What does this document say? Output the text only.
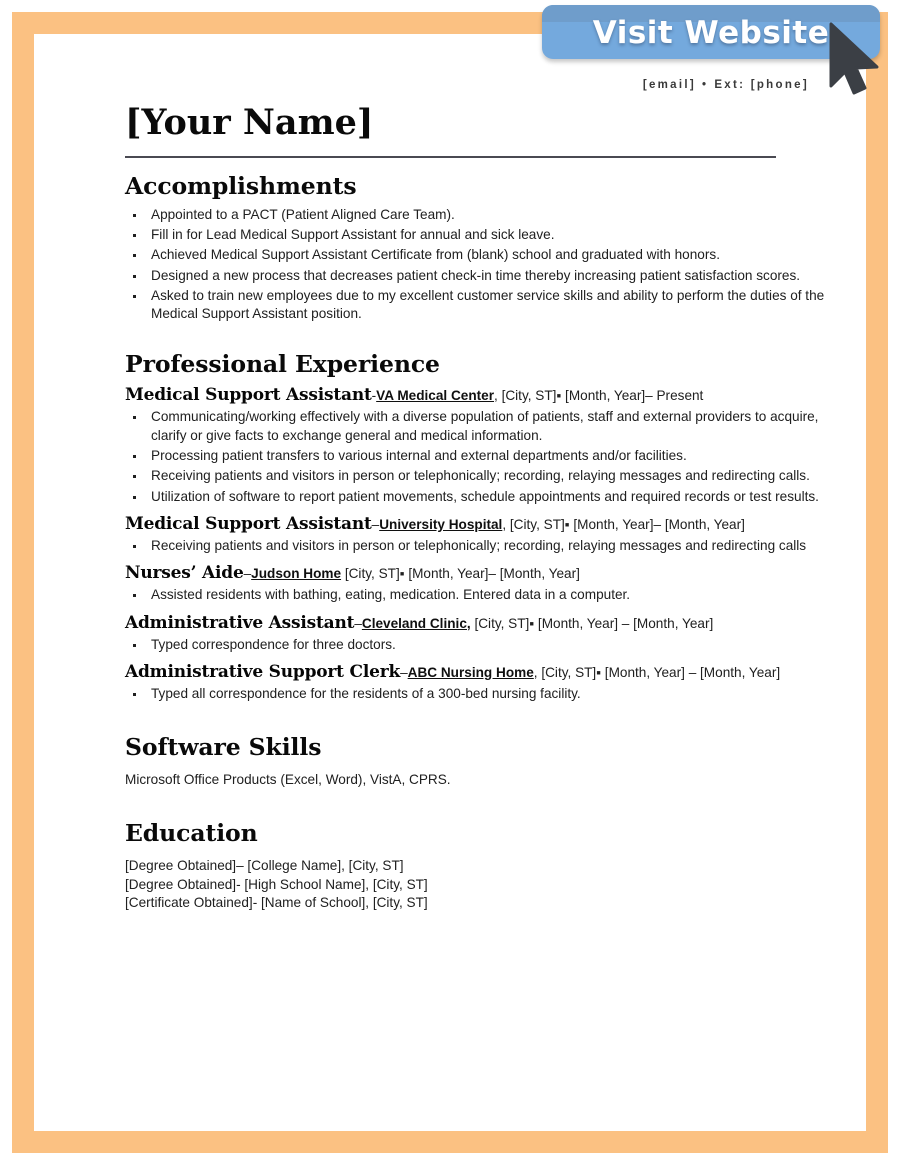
[email] • Ext: [phone]
[Your Name]
Accomplishments
Appointed to a PACT (Patient Aligned Care Team).
Fill in for Lead Medical Support Assistant for annual and sick leave.
Achieved Medical Support Assistant Certificate from (blank) school and graduated with honors.
Designed a new process that decreases patient check-in time thereby increasing patient satisfaction scores.
Asked to train new employees due to my excellent customer service skills and ability to perform the duties of the Medical Support Assistant position.
Professional Experience
Medical Support Assistant-VA Medical Center, [City, ST]▪ [Month, Year]– Present
Communicating/working effectively with a diverse population of patients, staff and external providers to acquire, clarify or give facts to exchange general and medical information.
Processing patient transfers to various internal and external departments and/or facilities.
Receiving patients and visitors in person or telephonically; recording, relaying messages and redirecting calls.
Utilization of software to report patient movements, schedule appointments and required records or test results.
Medical Support Assistant–University Hospital, [City, ST]▪ [Month, Year]– [Month, Year]
Receiving patients and visitors in person or telephonically; recording, relaying messages and redirecting calls
Nurses’ Aide–Judson Home [City, ST]▪ [Month, Year]– [Month, Year]
Assisted residents with bathing, eating, medication. Entered data in a computer.
Administrative Assistant–Cleveland Clinic, [City, ST]▪ [Month, Year] – [Month, Year]
Typed correspondence for three doctors.
Administrative Support Clerk–ABC Nursing Home, [City, ST]▪ [Month, Year] – [Month, Year]
Typed all correspondence for the residents of a 300-bed nursing facility.
Software Skills
Microsoft Office Products (Excel, Word), VistA, CPRS.
Education
[Degree Obtained]– [College Name], [City, ST]
[Degree Obtained]- [High School Name], [City, ST]
[Certificate Obtained]- [Name of School], [City, ST]
Visit Website
